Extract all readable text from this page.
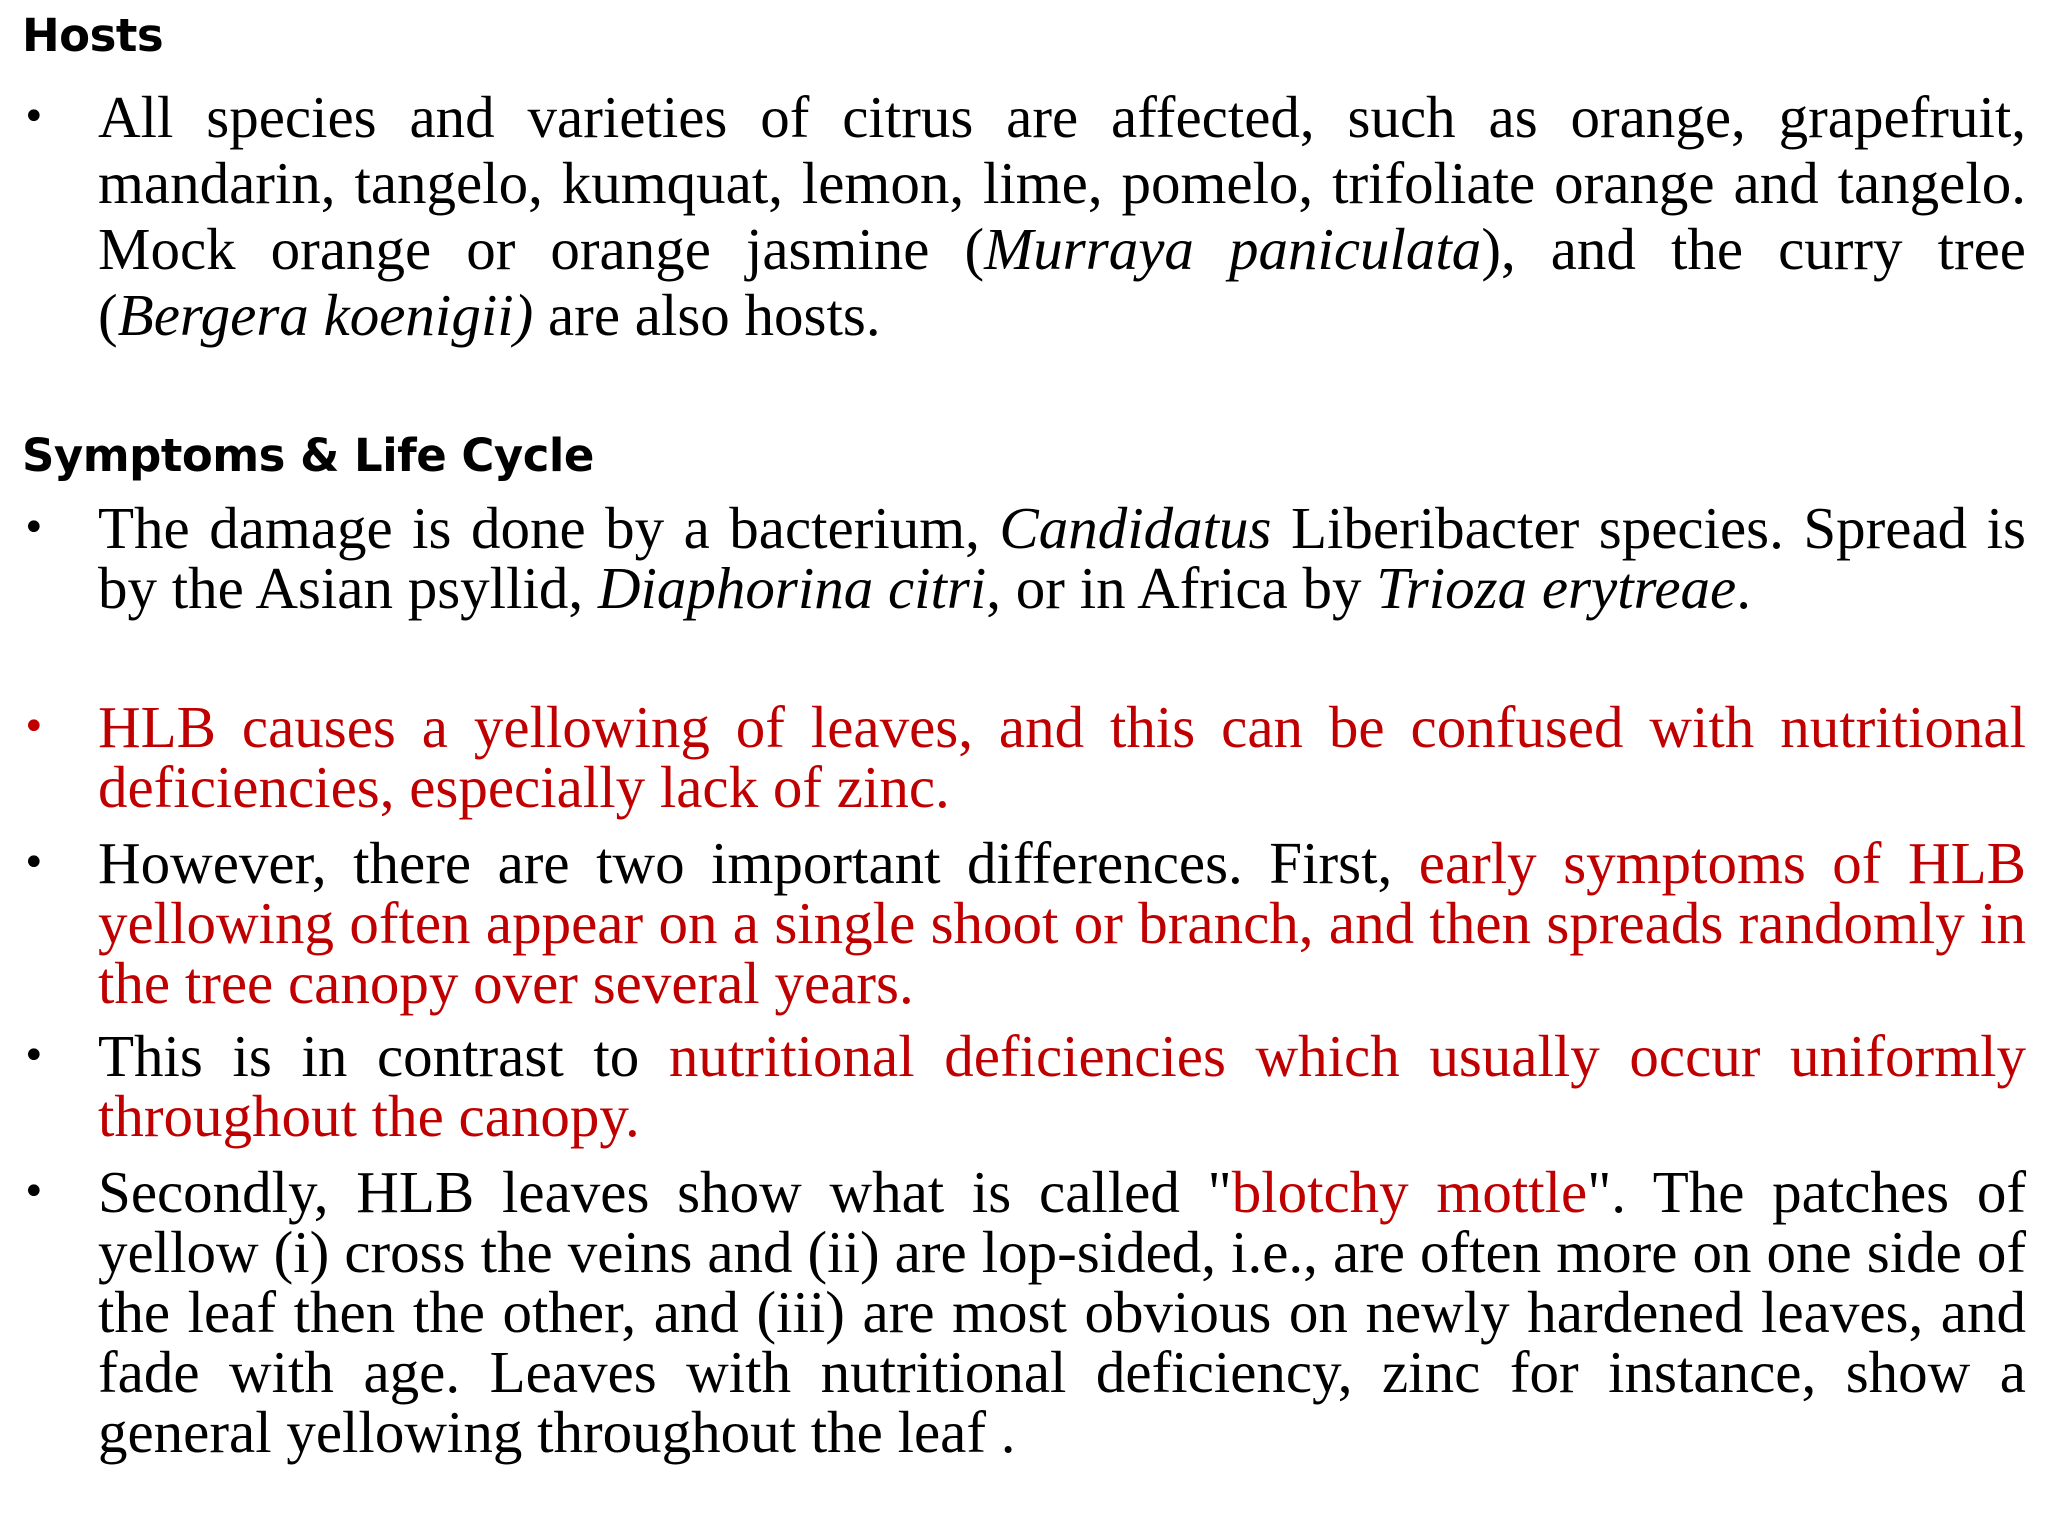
Hosts
• All species and varieties of citrus are affected, such as orange, grapefruit, mandarin, tangelo, kumquat, lemon, lime, pomelo, trifoliate orange and tangelo. Mock orange or orange jasmine (Murraya paniculata), and the curry tree (Bergera koenigii) are also hosts.
Symptoms & Life Cycle
• The damage is done by a bacterium, Candidatus Liberibacter species. Spread is by the Asian psyllid, Diaphorina citri, or in Africa by Trioza erytreae.
• HLB causes a yellowing of leaves, and this can be confused with nutritional deficiencies, especially lack of zinc.
• However, there are two important differences. First, early symptoms of HLB yellowing often appear on a single shoot or branch, and then spreads randomly in the tree canopy over several years.
• This is in contrast to nutritional deficiencies which usually occur uniformly throughout the canopy.
• Secondly, HLB leaves show what is called "blotchy mottle". The patches of yellow (i) cross the veins and (ii) are lop-sided, i.e., are often more on one side of the leaf then the other, and (iii) are most obvious on newly hardened leaves, and fade with age. Leaves with nutritional deficiency, zinc for instance, show a general yellowing throughout the leaf .
